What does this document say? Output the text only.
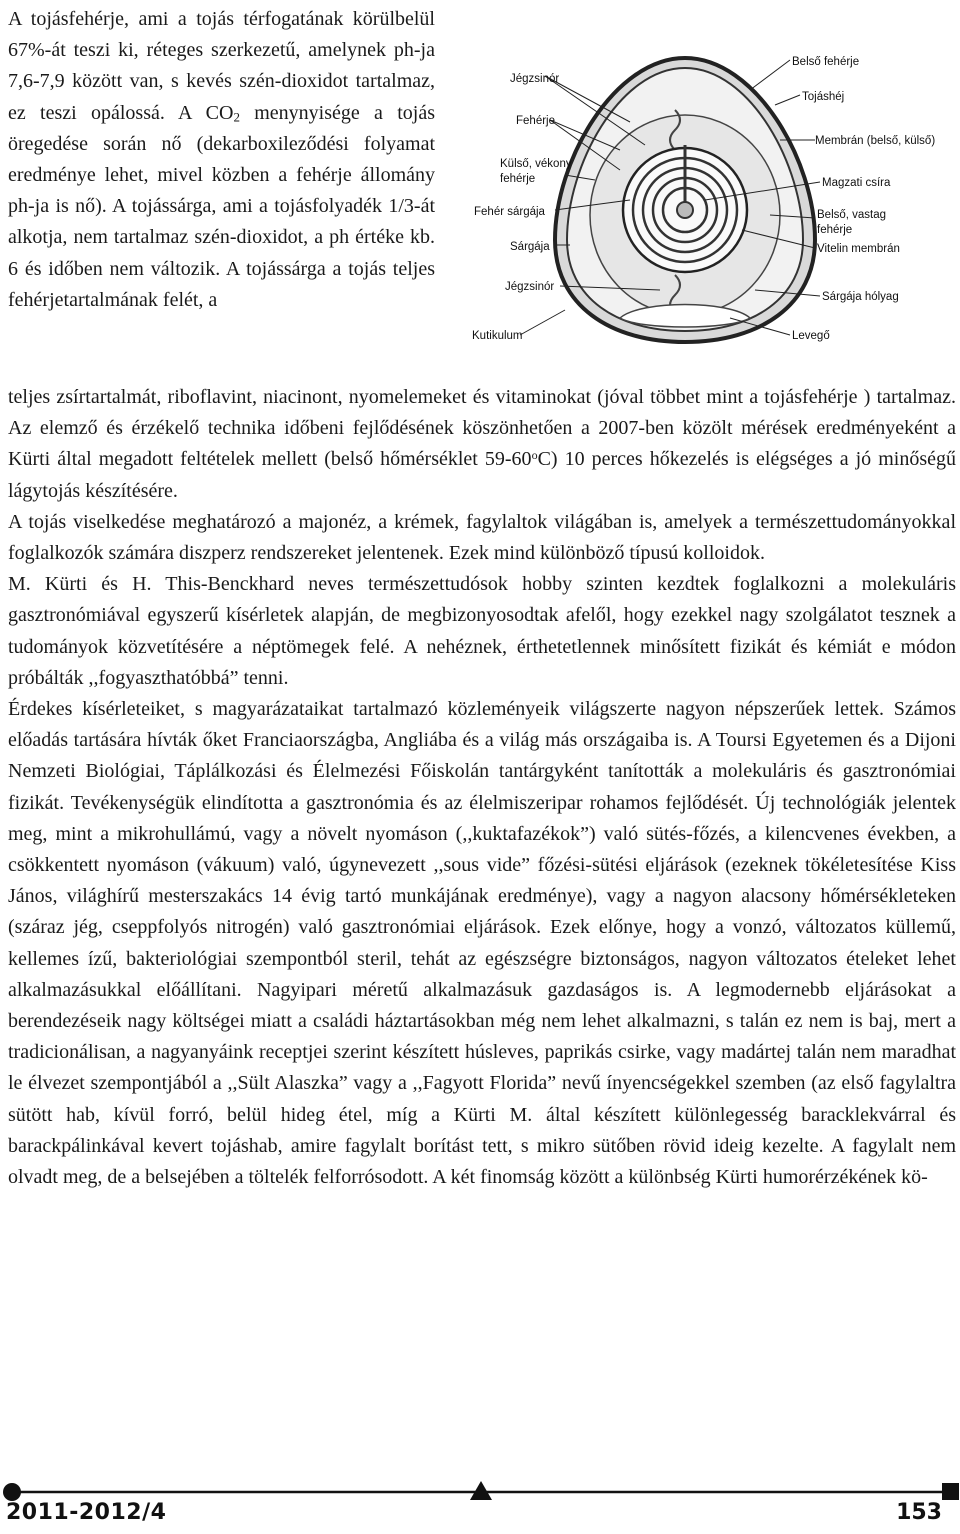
A tojásfehérje, ami a tojás térfogatának körülbelül 67%-át teszi ki, réteges szerkezetű, amelynek ph-ja 7,6-7,9 között van, s kevés szén-dioxidot tartalmaz, ez teszi opálossá. A $CO_2$ menynyisége a tojás öregedése során nő (dekarboxileződési folyamat eredménye lehet, mivel közben a fehérje állomány ph-ja is nő). A tojássárga, ami a tojásfolyadék 1/3-át alkotja, nem tartalmaz szén-dioxidot, a ph értéke kb. 6 és időben nem változik. A tojássárga a tojás teljes fehérjetartalmának felét, a

Jégzsinór
Fehérje
Külső, vékony
fehérje
Fehér sárgája
Sárgája
Jégzsinór
Kutikulum
Belső fehérje
Tojáshéj
Membrán (belső, külső)
Magzati csíra
Belső, vastag
fehérje
Vitelin membrán
Sárgája hólyag
Levegő

teljes zsírtartalmát, riboflavint, niacinont, nyomelemeket és vitaminokat (jóval többet mint a tojásfehérje ) tartalmaz. Az elemző és érzékelő technika időbeni fejlődésének köszönhetően a 2007-ben közölt mérések eredményeként a Kürti által megadott feltételek mellett (belső hőmérséklet 59-60$^o$C) 10 perces hőkezelés is elégséges a jó minőségű lágytojás készítésére.

A tojás viselkedése meghatározó a majonéz, a krémek, fagylaltok világában is, amelyek a természettudományokkal foglalkozók számára diszperz rendszereket jelentenek. Ezek mind különböző típusú kolloidok.

M. Kürti és H. This-Benckhard neves természettudósok hobby szinten kezdtek foglalkozni a molekuláris gasztronómiával egyszerű kísérletek alapján, de megbizonyosodtak afelől, hogy ezekkel nagy szolgálatot tesznek a tudományok közvetítésére a néptömegek felé. A nehéznek, érthetetlennek minősített fizikát és kémiát e módon próbálták ,,fogyaszthatóbbá” tenni.

Érdekes kísérleteiket, s magyarázataikat tartalmazó közleményeik világszerte nagyon népszerűek lettek. Számos előadás tartására hívták őket Franciaországba, Angliába és a világ más országaiba is. A Toursi Egyetemen és a Dijoni Nemzeti Biológiai, Táplálkozási és Élelmezési Főiskolán tantárgyként tanították a molekuláris és gasztronómiai fizikát. Tevékenységük elindította a gasztronómia és az élelmiszeripar rohamos fejlődését. Új technológiák jelentek meg, mint a mikrohullámú, vagy a növelt nyomáson (,,kuktafazékok”) való sütés-főzés, a kilencvenes években, a csökkentett nyomáson (vákuum) való, úgynevezett ,,sous vide” főzési-sütési eljárások (ezeknek tökéletesítése Kiss János, világhírű mesterszakács 14 évig tartó munkájának eredménye), vagy a nagyon alacsony hőmérsékleteken (száraz jég, cseppfolyós nitrogén) való gasztronómiai eljárások. Ezek előnye, hogy a vonzó, változatos küllemű, kellemes ízű, bakteriológiai szempontból steril, tehát az egészségre biztonságos, nagyon változatos ételeket lehet alkalmazásukkal előállítani. Nagyipari méretű alkalmazásuk gazdaságos is. A legmodernebb eljárásokat a berendezéseik nagy költségei miatt a családi háztartásokban még nem lehet alkalmazni, s talán ez nem is baj, mert a tradicionálisan, a nagyanyáink receptjei szerint készített húsleves, paprikás csirke, vagy madártej talán nem maradhat le élvezet szempontjából a ,,Sült Alaszka” vagy a ,,Fagyott Florida” nevű ínyencségekkel szemben (az első fagylaltra sütött hab, kívül forró, belül hideg étel, míg a Kürti M. által készített különlegesség baracklekvárral és barackpálinkával kevert tojáshab, amire fagylalt borítást tett, s mikro sütőben rövid ideig kezelte. A fagylalt nem olvadt meg, de a belsejében a töltelék felforrósodott. A két finomság között a különbség Kürti humorérzékének kö-

2011-2012/4	153
